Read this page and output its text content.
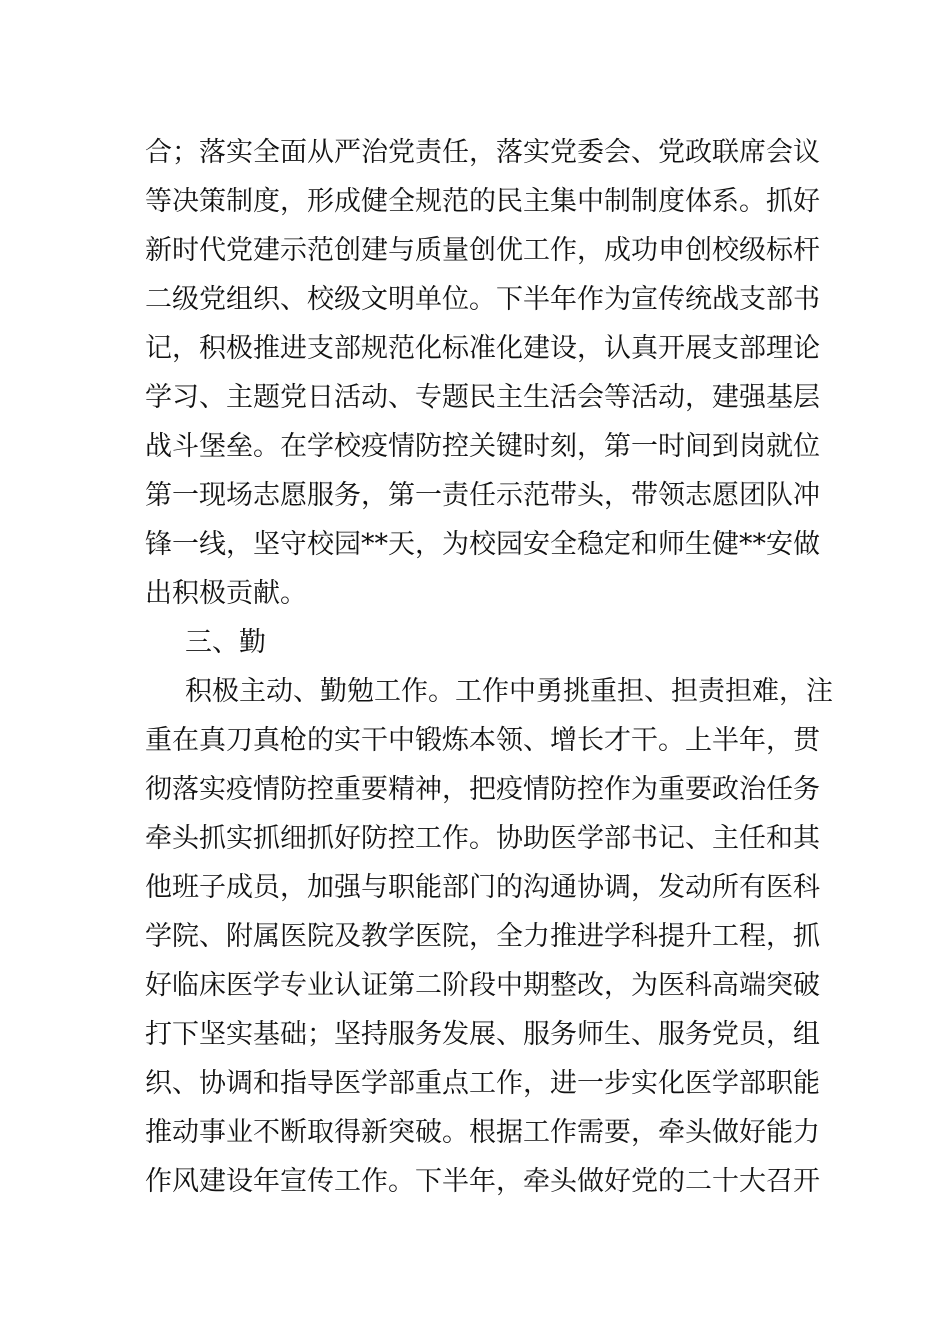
合；落实全面从严治党责任，落实党委会、党政联席会议
等决策制度，形成健全规范的民主集中制制度体系。抓好
新时代党建示范创建与质量创优工作，成功申创校级标杆
二级党组织、校级文明单位。下半年作为宣传统战支部书
记，积极推进支部规范化标准化建设，认真开展支部理论
学习、主题党日活动、专题民主生活会等活动，建强基层
战斗堡垒。在学校疫情防控关键时刻，第一时间到岗就位
第一现场志愿服务，第一责任示范带头，带领志愿团队冲
锋一线，坚守校园**天，为校园安全稳定和师生健**安做
出积极贡献。
三、勤
积极主动、勤勉工作。工作中勇挑重担、担责担难，注
重在真刀真枪的实干中锻炼本领、增长才干。上半年，贯
彻落实疫情防控重要精神，把疫情防控作为重要政治任务
牵头抓实抓细抓好防控工作。协助医学部书记、主任和其
他班子成员，加强与职能部门的沟通协调，发动所有医科
学院、附属医院及教学医院，全力推进学科提升工程，抓
好临床医学专业认证第二阶段中期整改，为医科高端突破
打下坚实基础；坚持服务发展、服务师生、服务党员，组
织、协调和指导医学部重点工作，进一步实化医学部职能
推动事业不断取得新突破。根据工作需要，牵头做好能力
作风建设年宣传工作。下半年，牵头做好党的二十大召开
